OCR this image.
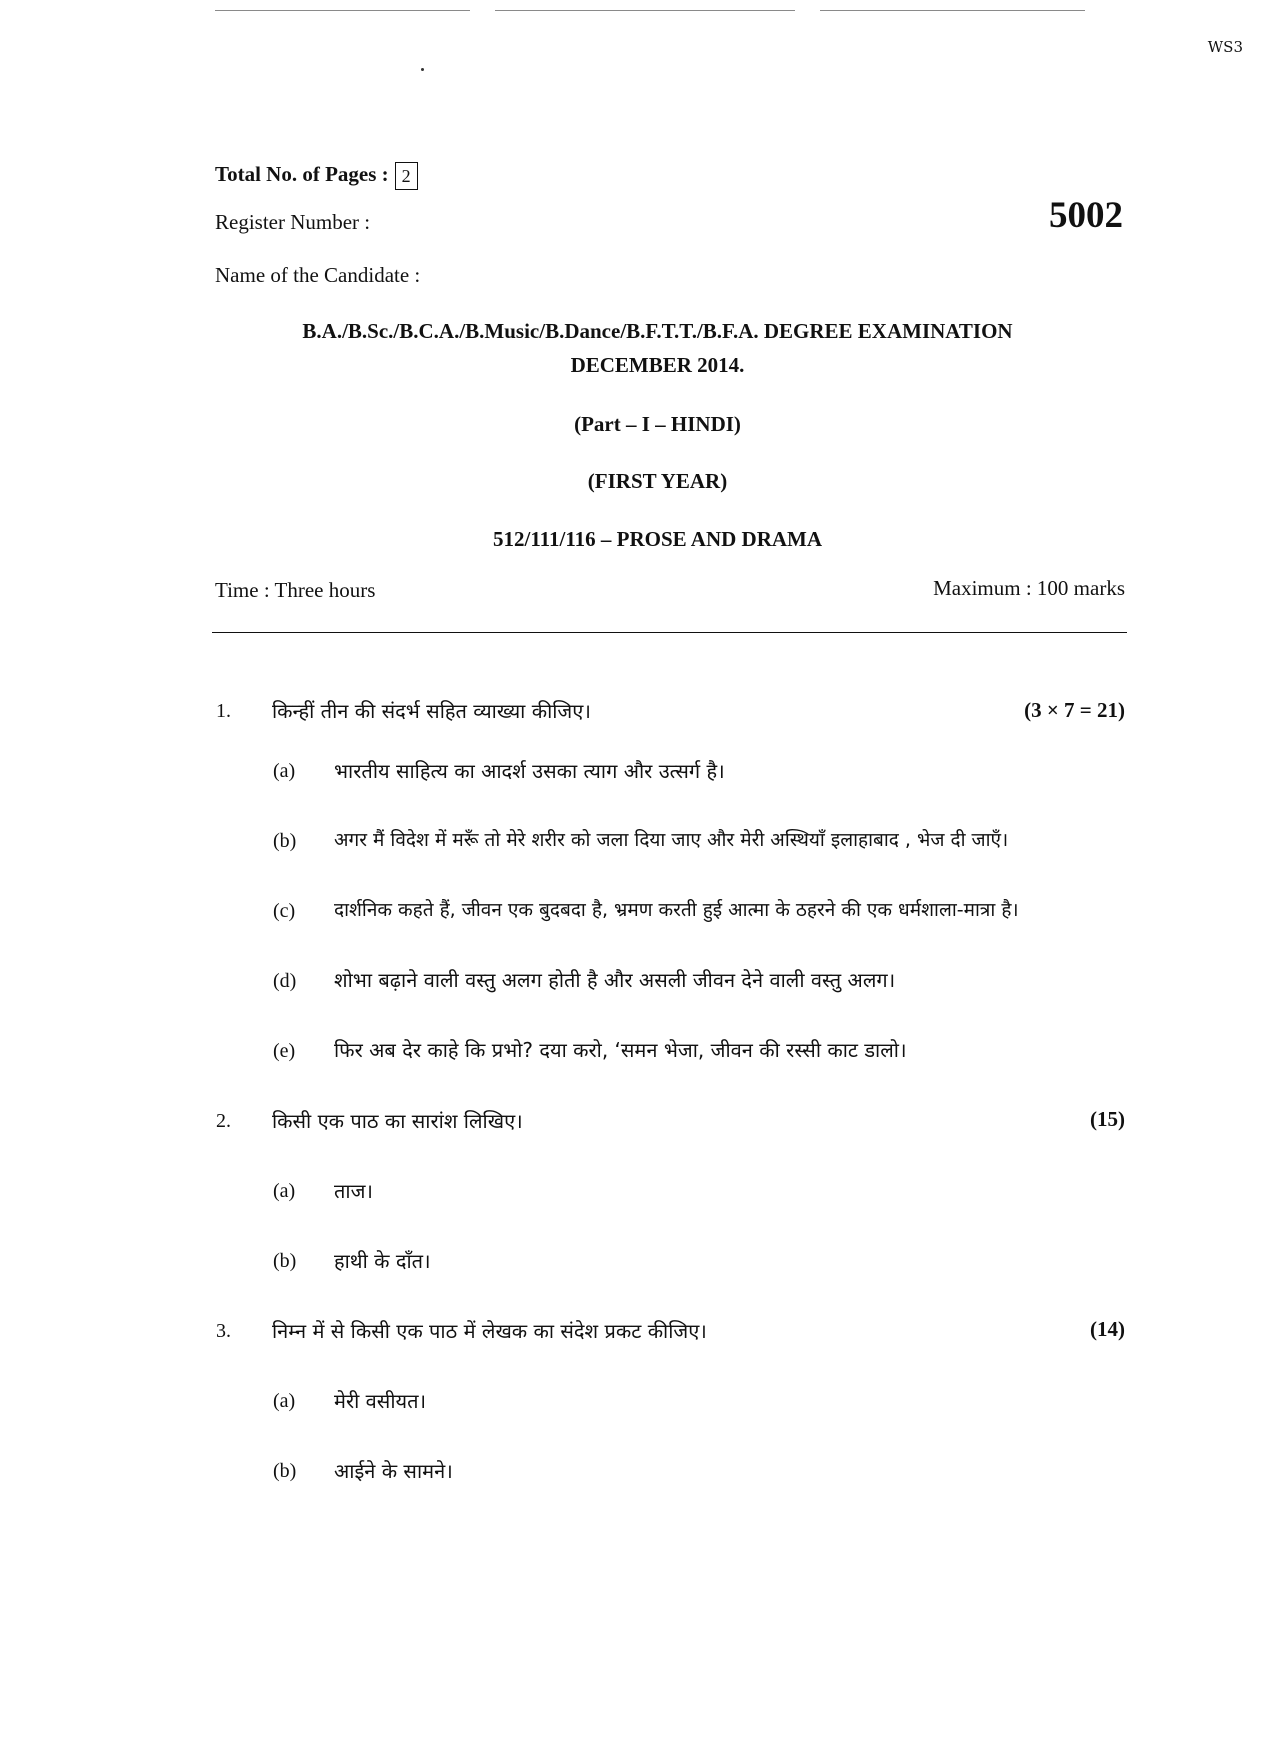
WS3
Total No. of Pages : 2
Register Number :	5002
Name of the Candidate :
B.A./B.Sc./B.C.A./B.Music/B.Dance/B.F.T.T./B.F.A. DEGREE EXAMINATION
DECEMBER 2014.
(Part – I – HINDI)
(FIRST YEAR)
512/111/116 – PROSE AND DRAMA
Time : Three hours	Maximum : 100 marks
1. किन्हीं तीन की संदर्भ सहित व्याख्या कीजिए।	(3 × 7 = 21)
(a) भारतीय साहित्य का आदर्श उसका त्याग और उत्सर्ग है।
(b) अगर मैं विदेश में मरूँ तो मेरे शरीर को जला दिया जाए और मेरी अस्थियाँ इलाहाबाद , भेज दी जाएँ।
(c) दार्शनिक कहते हैं, जीवन एक बुदबदा है, भ्रमण करती हुई आत्मा के ठहरने की एक धर्मशाला-मात्रा है।
(d) शोभा बढ़ाने वाली वस्तु अलग होती है और असली जीवन देने वाली वस्तु अलग।
(e) फिर अब देर काहे कि प्रभो? दया करो, ‘समन भेजा, जीवन की रस्सी काट डालो।
2. किसी एक पाठ का सारांश लिखिए।	(15)
(a) ताज।
(b) हाथी के दाँत।
3. निम्न में से किसी एक पाठ में लेखक का संदेश प्रकट कीजिए।	(14)
(a) मेरी वसीयत।
(b) आईने के सामने।
